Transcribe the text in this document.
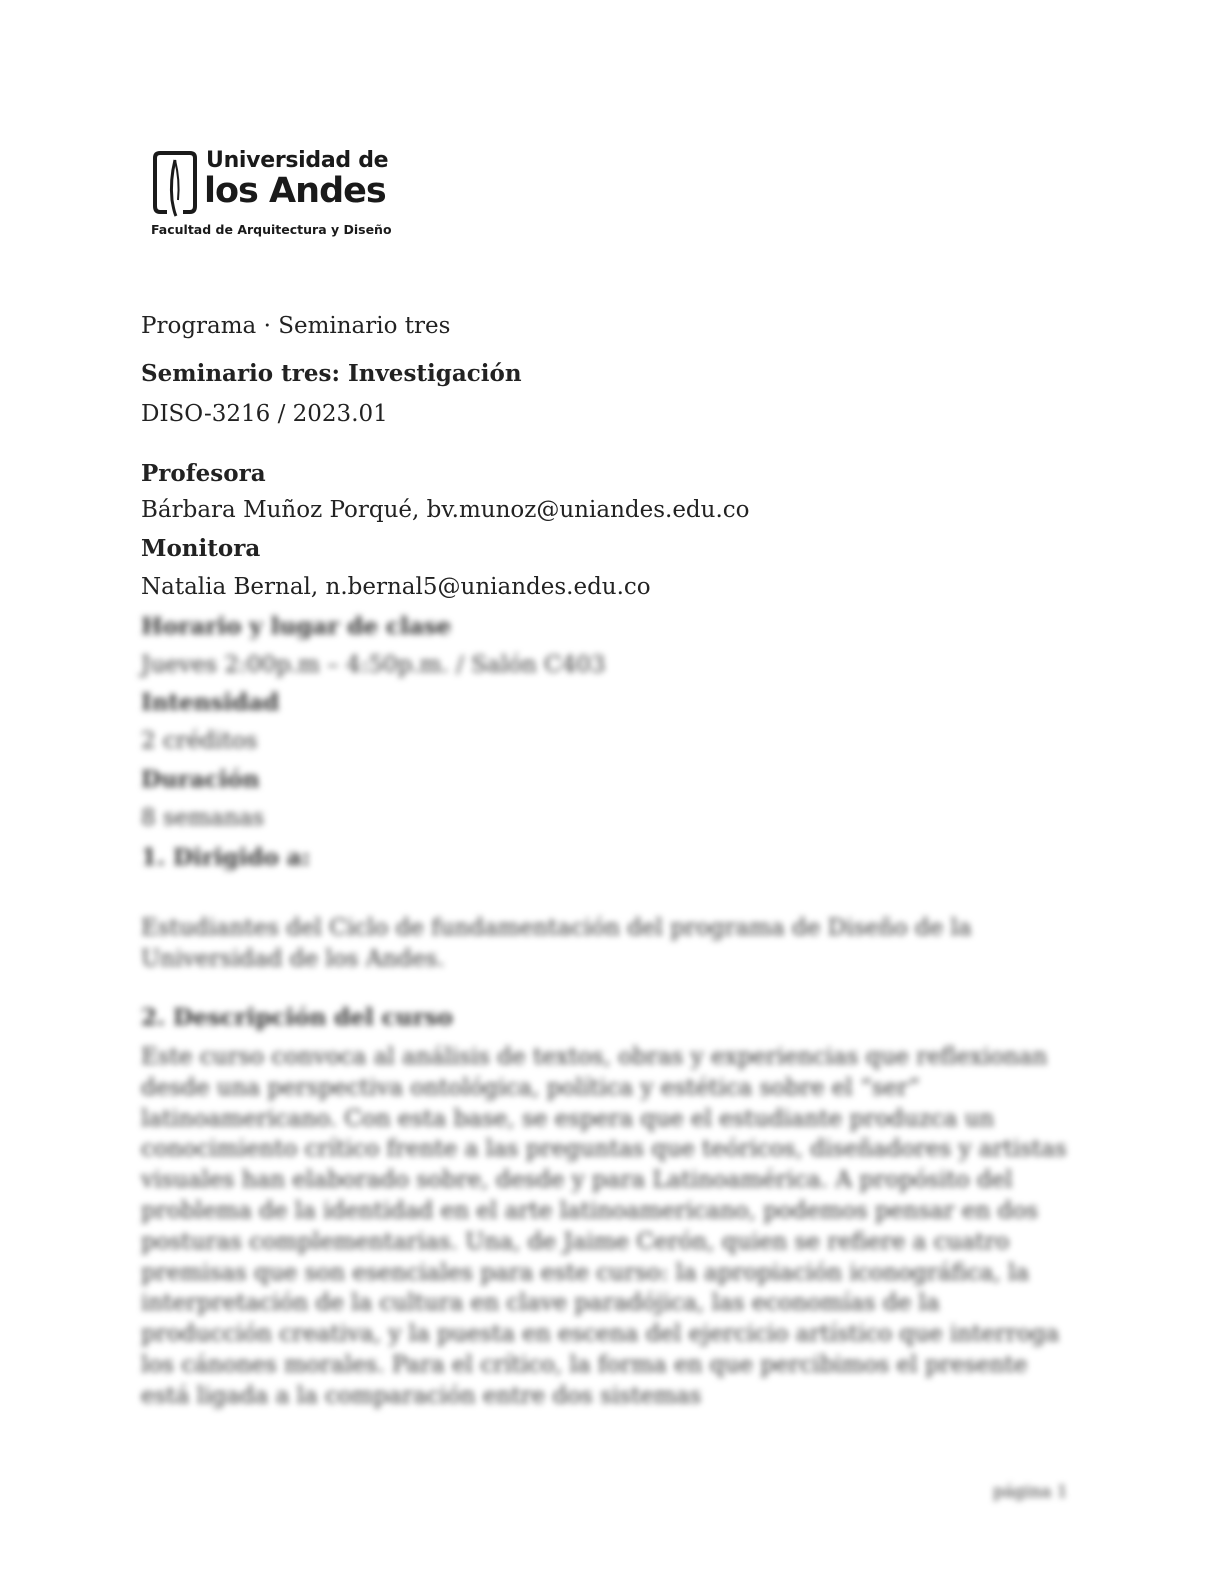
Universidad de
los Andes
Facultad de Arquitectura y Diseño
Programa · Seminario tres
Seminario tres: Investigación
DISO-3216 / 2023.01
Profesora
Bárbara Muñoz Porqué, bv.munoz@uniandes.edu.co
Monitora
Natalia Bernal, n.bernal5@uniandes.edu.co
Horario y lugar de clase
Jueves 2:00p.m – 4:50p.m. / Salón C403
Intensidad
2 créditos
Duración
8 semanas
1. Dirigido a:
Estudiantes del Ciclo de fundamentación del programa de Diseño de la Universidad de los Andes.
2. Descripción del curso
Este curso convoca al análisis de textos, obras y experiencias que reflexionan desde una perspectiva ontológica, política y estética sobre el “ser” latinoamericano. Con esta base, se espera que el estudiante produzca un conocimiento crítico frente a las preguntas que teóricos, diseñadores y artistas visuales han elaborado sobre, desde y para Latinoamérica. A propósito del problema de la identidad en el arte latinoamericano, podemos pensar en dos posturas complementarias. Una, de Jaime Cerón, quien se refiere a cuatro premisas que son esenciales para este curso: la apropiación iconográfica, la interpretación de la cultura en clave paradójica, las economías de la producción creativa, y la puesta en escena del ejercicio artístico que interroga los cánones morales. Para el crítico, la forma en que percibimos el presente está ligada a la comparación entre dos sistemas
página 1
